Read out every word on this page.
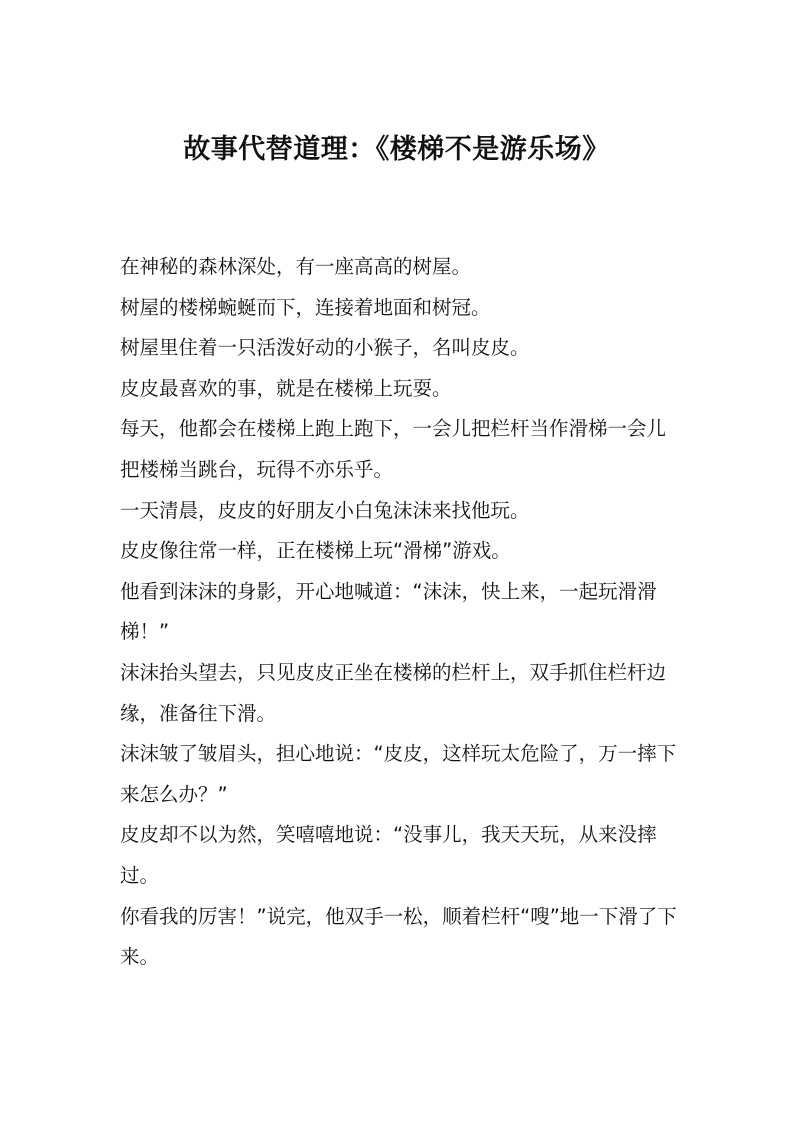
故事代替道理：《楼梯不是游乐场》
在神秘的森林深处，有一座高高的树屋。
树屋的楼梯蜿蜒而下，连接着地面和树冠。
树屋里住着一只活泼好动的小猴子，名叫皮皮。
皮皮最喜欢的事，就是在楼梯上玩耍。
每天，他都会在楼梯上跑上跑下，一会儿把栏杆当作滑梯一会儿把楼梯当跳台，玩得不亦乐乎。
一天清晨，皮皮的好朋友小白兔沫沫来找他玩。
皮皮像往常一样，正在楼梯上玩“滑梯”游戏。
他看到沫沫的身影，开心地喊道：“沫沫，快上来，一起玩滑滑梯！”
沫沫抬头望去，只见皮皮正坐在楼梯的栏杆上，双手抓住栏杆边缘，准备往下滑。
沫沫皱了皱眉头，担心地说：“皮皮，这样玩太危险了，万一摔下来怎么办？”
皮皮却不以为然，笑嘻嘻地说：“没事儿，我天天玩，从来没摔过。
你看我的厉害！”说完，他双手一松，顺着栏杆“嗖”地一下滑了下来。
